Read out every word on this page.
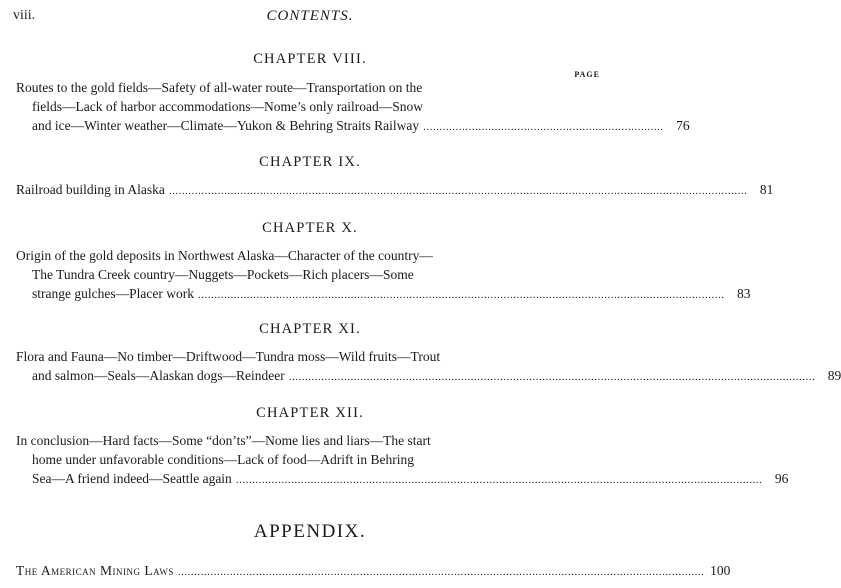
viii.	CONTENTS.
CHAPTER VIII.
PAGE
Routes to the gold fields—Safety of all-water route—Transportation on the
fields—Lack of harbor accommodations—Nome’s only railroad—Snow
and ice—Winter weather—Climate—Yukon & Behring Straits Railway .......................................................................... 76
CHAPTER IX.
Railroad building in Alaska .................................................................................................................................................................................. 81
CHAPTER X.
Origin of the gold deposits in Northwest Alaska—Character of the country—
The Tundra Creek country—Nuggets—Pockets—Rich placers—Some
strange gulches—Placer work .................................................................................................................................................................. 83
CHAPTER XI.
Flora and Fauna—No timber—Driftwood—Tundra moss—Wild fruits—Trout
and salmon—Seals—Alaskan dogs—Reindeer .................................................................................................................................................................. 89
CHAPTER XII.
In conclusion—Hard facts—Some “don’ts”—Nome lies and liars—The start
home under unfavorable conditions—Lack of food—Adrift in Behring
Sea—A friend indeed—Seattle again .................................................................................................................................................................. 96
APPENDIX.
The American Mining Laws .................................................................................................................................................................. 100
